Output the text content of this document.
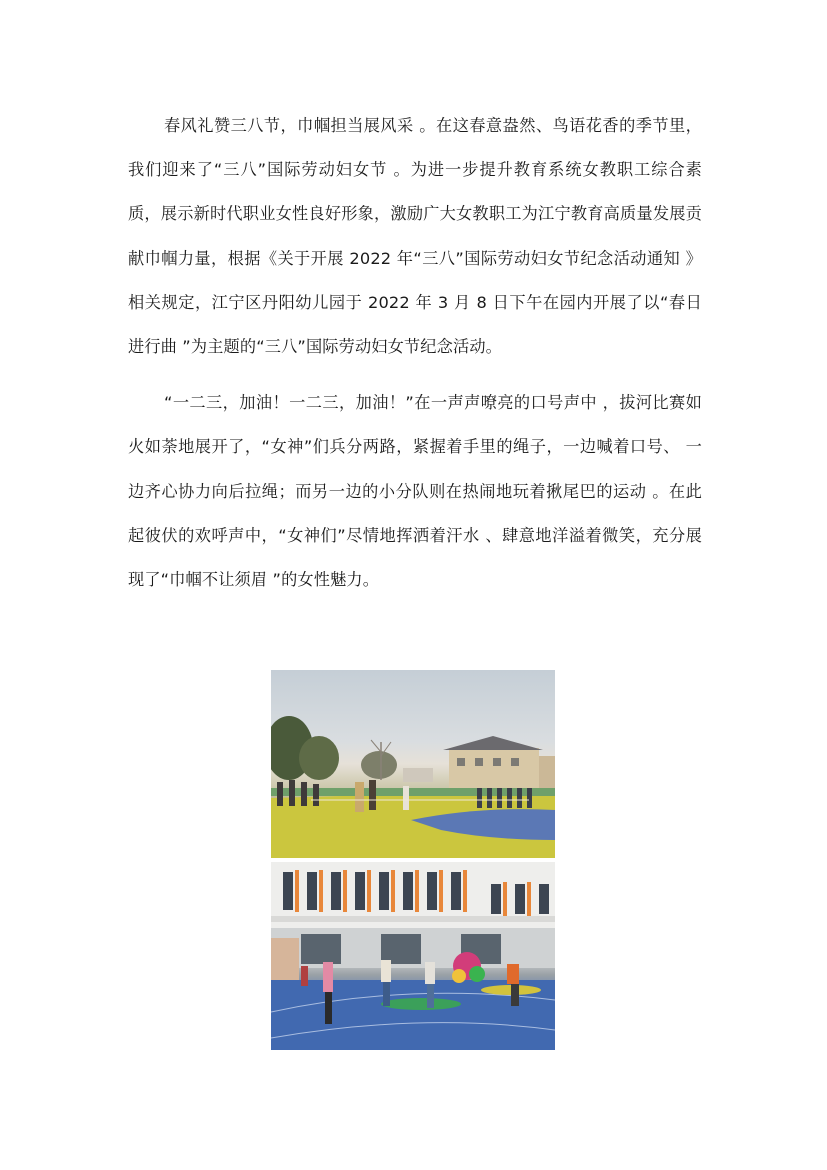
春风礼赞三八节，巾帼担当展风采 。在这春意盎然、鸟语花香的季节里，我们迎来了“三八”国际劳动妇女节 。为进一步提升教育系统女教职工综合素质，展示新时代职业女性良好形象，激励广大女教职工为江宁教育高质量发展贡献巾帼力量，根据《关于开展 2022 年“三八”国际劳动妇女节纪念活动通知 》相关规定，江宁区丹阳幼儿园于 2022 年 3 月 8 日下午在园内开展了以“春日进行曲 ”为主题的“三八”国际劳动妇女节纪念活动。

“一二三，加油！一二三，加油！”在一声声嘹亮的口号声中 ，拔河比赛如火如荼地展开了，“女神”们兵分两路，紧握着手里的绳子，一边喊着口号、 一边齐心协力向后拉绳；而另一边的小分队则在热闹地玩着揪尾巴的运动 。在此起彼伏的欢呼声中，“女神们”尽情地挥洒着汗水 、肆意地洋溢着微笑，充分展现了“巾帼不让须眉 ”的女性魅力。
